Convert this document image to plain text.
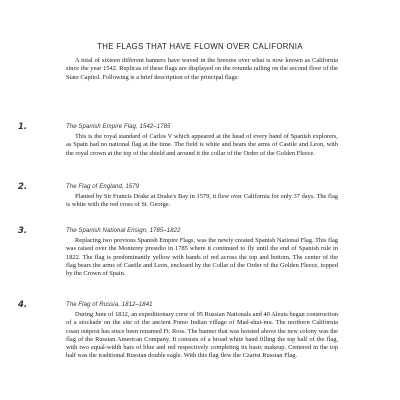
THE FLAGS THAT HAVE FLOWN OVER CALIFORNIA
A total of sixteen different banners have waved in the breezes over what is now known as California since the year 1542. Replicas of these flags are displayed on the rotunda railing on the second floor of the State Capitol. Following is a brief description of the principal flags:
1.	The Spanish Empire Flag, 1542–1785
This is the royal standard of Carlos V which appeared at the head of every band of Spanish explorers, as Spain had no national flag at the time. The field is white and bears the arms of Castile and Leon, with the royal crown at the top of the shield and around it the collar of the Order of the Golden Fleece.
2.	The Flag of England, 1579
Planted by Sir Francis Drake at Drake's Bay in 1579, it flew over California for only 37 days. The flag is white with the red cross of St. George.
3.	The Spanish National Ensign, 1785–1822
Replacing two previous Spanish Empire Flags, was the newly created Spanish National Flag. This flag was raised over the Monterey presidio in 1785 where it continued to fly until the end of Spanish rule in 1822. The flag is predominantly yellow with bands of red across the top and bottom. The center of the flag bears the arms of Castile and Leon, enclosed by the Collar of the Order of the Golden Fleece, topped by the Crown of Spain.
4.	The Flag of Russia, 1812–1841
During June of 1812, an expeditionary crew of 95 Russian Nationals and 40 Aleuts began construction of a stockade on the site of the ancient Pomo Indian village of Mad-shui-mu. The northern California coast outpost has since been renamed Ft. Ross. The banner that was hoisted above the new colony was the flag of the Russian American Company. It consists of a broad white band filling the top half of the flag, with two equal-width bars of blue and red respectively completing its basic makeup. Centered in the top half was the traditional Russian double eagle. With this flag flew the Czarist Russian Flag.
